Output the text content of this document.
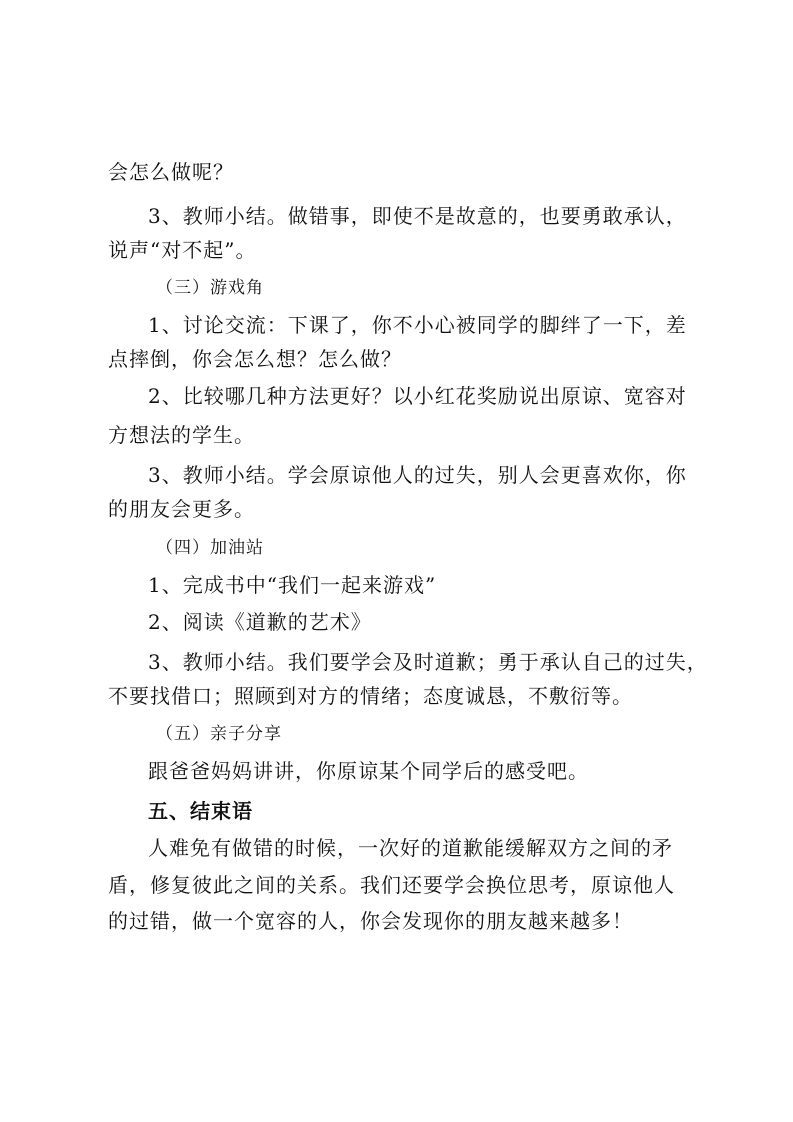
会怎么做呢？
3、教师小结。做错事，即使不是故意的，也要勇敢承认，
说声“对不起”。
（三）游戏角
1、讨论交流：下课了，你不小心被同学的脚绊了一下，差
点摔倒，你会怎么想？怎么做？
2、比较哪几种方法更好？以小红花奖励说出原谅、宽容对
方想法的学生。
3、教师小结。学会原谅他人的过失，别人会更喜欢你，你
的朋友会更多。
（四）加油站
1、完成书中“我们一起来游戏”
2、阅读《道歉的艺术》
3、教师小结。我们要学会及时道歉；勇于承认自己的过失，
不要找借口；照顾到对方的情绪；态度诚恳，不敷衍等。
（五）亲子分享
跟爸爸妈妈讲讲，你原谅某个同学后的感受吧。
五、结束语
人难免有做错的时候，一次好的道歉能缓解双方之间的矛
盾，修复彼此之间的关系。我们还要学会换位思考，原谅他人
的过错，做一个宽容的人，你会发现你的朋友越来越多！
